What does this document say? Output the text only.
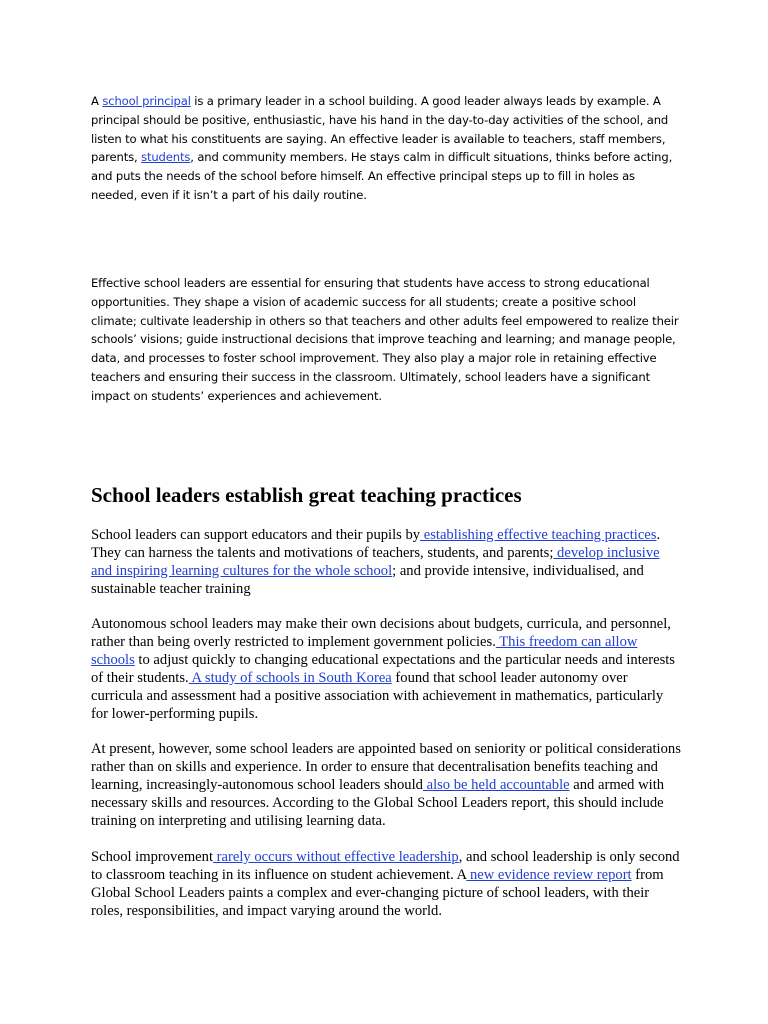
A school principal is a primary leader in a school building. A good leader always leads by example. A principal should be positive, enthusiastic, have his hand in the day-to-day activities of the school, and listen to what his constituents are saying. An effective leader is available to teachers, staff members, parents, students, and community members. He stays calm in difficult situations, thinks before acting, and puts the needs of the school before himself. An effective principal steps up to fill in holes as needed, even if it isn’t a part of his daily routine.

Effective school leaders are essential for ensuring that students have access to strong educational opportunities. They shape a vision of academic success for all students; create a positive school climate; cultivate leadership in others so that teachers and other adults feel empowered to realize their schools’ visions; guide instructional decisions that improve teaching and learning; and manage people, data, and processes to foster school improvement. They also play a major role in retaining effective teachers and ensuring their success in the classroom. Ultimately, school leaders have a significant impact on students’ experiences and achievement.

School leaders establish great teaching practices

School leaders can support educators and their pupils by establishing effective teaching practices. They can harness the talents and motivations of teachers, students, and parents; develop inclusive and inspiring learning cultures for the whole school; and provide intensive, individualised, and sustainable teacher training

Autonomous school leaders may make their own decisions about budgets, curricula, and personnel, rather than being overly restricted to implement government policies. This freedom can allow schools to adjust quickly to changing educational expectations and the particular needs and interests of their students. A study of schools in South Korea found that school leader autonomy over curricula and assessment had a positive association with achievement in mathematics, particularly for lower-performing pupils.

At present, however, some school leaders are appointed based on seniority or political considerations rather than on skills and experience. In order to ensure that decentralisation benefits teaching and learning, increasingly-autonomous school leaders should also be held accountable and armed with necessary skills and resources. According to the Global School Leaders report, this should include training on interpreting and utilising learning data.

School improvement rarely occurs without effective leadership, and school leadership is only second to classroom teaching in its influence on student achievement. A new evidence review report from Global School Leaders paints a complex and ever-changing picture of school leaders, with their roles, responsibilities, and impact varying around the world.
